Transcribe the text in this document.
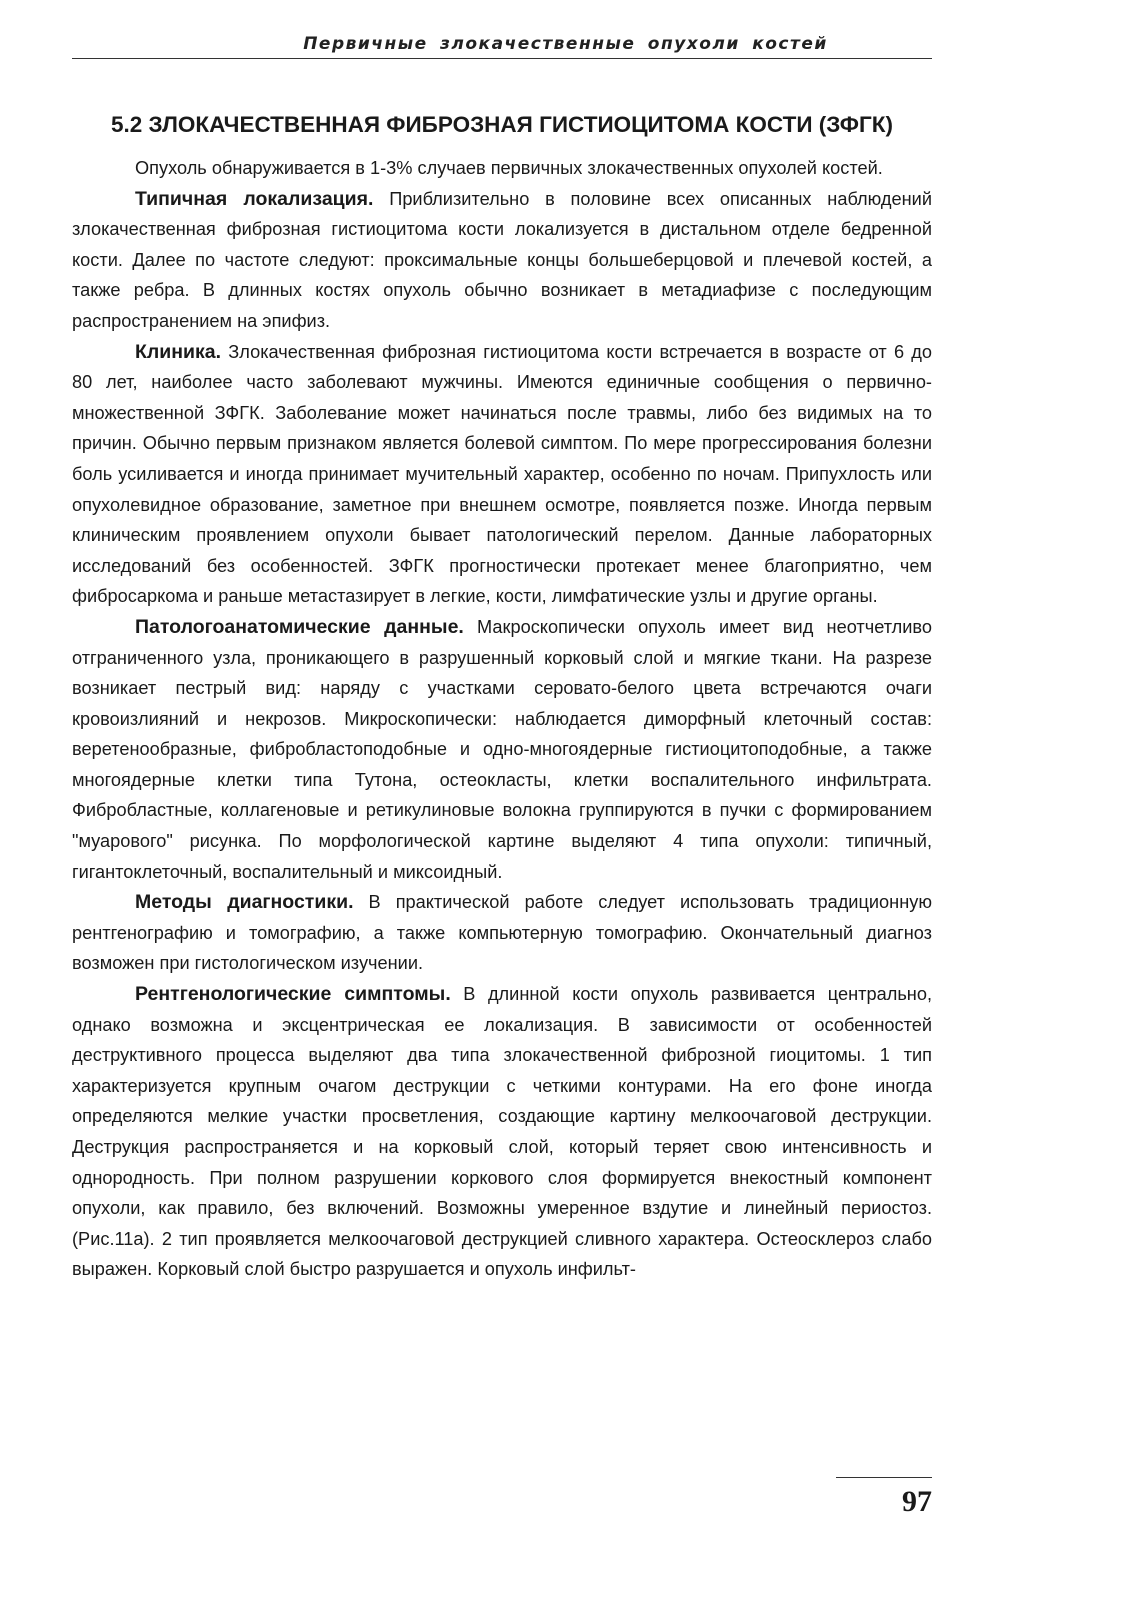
Первичные злокачественные опухоли костей
5.2 ЗЛОКАЧЕСТВЕННАЯ ФИБРОЗНАЯ ГИСТИОЦИТОМА КОСТИ (ЗФГК)

Опухоль обнаруживается в 1-3% случаев первичных злокачественных опухолей костей.

Типичная локализация. Приблизительно в половине всех описанных наблюдений злокачественная фиброзная гистиоцитома кости локализуется в дистальном отделе бедренной кости. Далее по частоте следуют: проксимальные концы большеберцовой и плечевой костей, а также ребра. В длинных костях опухоль обычно возникает в метадиафизе с последующим распространением на эпифиз.

Клиника. Злокачественная фиброзная гистиоцитома кости встречается в возрасте от 6 до 80 лет, наиболее часто заболевают мужчины. Имеются единичные сообщения о первично-множественной ЗФГК. Заболевание может начинаться после травмы, либо без видимых на то причин. Обычно первым признаком является болевой симптом. По мере прогрессирования болезни боль усиливается и иногда принимает мучительный характер, особенно по ночам. Припухлость или опухолевидное образование, заметное при внешнем осмотре, появляется позже. Иногда первым клиническим проявлением опухоли бывает патологический перелом. Данные лабораторных исследований без особенностей. ЗФГК прогностически протекает менее благоприятно, чем фибросаркома и раньше метастазирует в легкие, кости, лимфатические узлы и другие органы.

Патологоанатомические данные. Макроскопически опухоль имеет вид неотчетливо отграниченного узла, проникающего в разрушенный корковый слой и мягкие ткани. На разрезе возникает пестрый вид: наряду с участками серовато-белого цвета встречаются очаги кровоизлияний и некрозов. Микроскопически: наблюдается диморфный клеточный состав: веретенообразные, фибробластоподобные и одно-многоядерные гистиоцитоподобные, а также многоядерные клетки типа Тутона, остеокласты, клетки воспалительного инфильтрата. Фибробластные, коллагеновые и ретикулиновые волокна группируются в пучки с формированием "муарового" рисунка. По морфологической картине выделяют 4 типа опухоли: типичный, гигантоклеточный, воспалительный и миксоидный.

Методы диагностики. В практической работе следует использовать традиционную рентгенографию и томографию, а также компьютерную томографию. Окончательный диагноз возможен при гистологическом изучении.

Рентгенологические симптомы. В длинной кости опухоль развивается центрально, однако возможна и эксцентрическая ее локализация. В зависимости от особенностей деструктивного процесса выделяют два типа злокачественной фиброзной гиоцитомы. 1 тип характеризуется крупным очагом деструкции с четкими контурами. На его фоне иногда определяются мелкие участки просветления, создающие картину мелкоочаговой деструкции. Деструкция распространяется и на корковый слой, который теряет свою интенсивность и однородность. При полном разрушении коркового слоя формируется внекостный компонент опухоли, как правило, без включений. Возможны умеренное вздутие и линейный периостоз. (Рис.11а). 2 тип проявляется мелкоочаговой деструкцией сливного характера. Остеосклероз слабо выражен. Корковый слой быстро разрушается и опухоль инфильт-

97
